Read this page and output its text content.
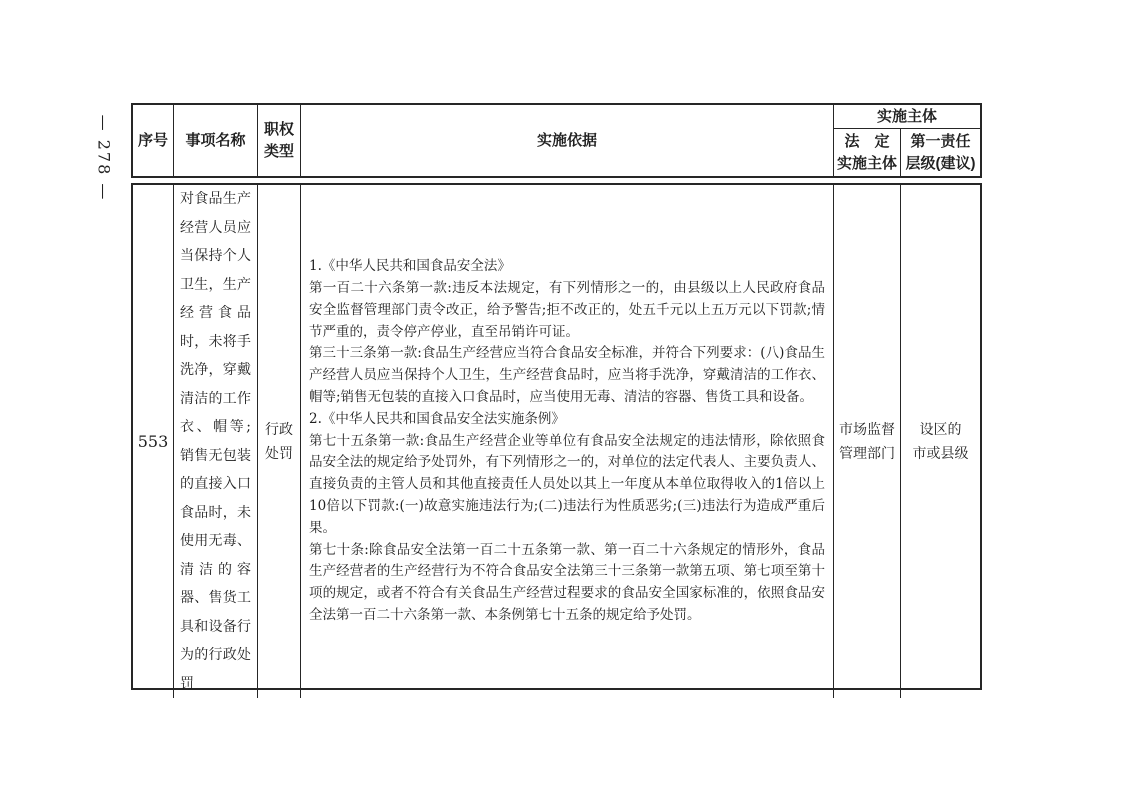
— 278 —	序号	事项名称
职权
类型
实施依据
实施主体
法　定
实施主体
第一责任
层级(建议)
553
对食品生产经营人员应当保持个人卫生，生产经营食品时，未将手洗净，穿戴清洁的工作衣、帽等;销售无包装的直接入口食品时，未使用无毒、清洁的容器、售货工具和设备行为的行政处罚
行政
处罚
1.《中华人民共和国食品安全法》
第一百二十六条第一款:违反本法规定，有下列情形之一的，由县级以上人民政府食品安全监督管理部门责令改正，给予警告;拒不改正的，处五千元以上五万元以下罚款;情节严重的，责令停产停业，直至吊销许可证。
第三十三条第一款:食品生产经营应当符合食品安全标准，并符合下列要求：(八)食品生产经营人员应当保持个人卫生，生产经营食品时，应当将手洗净，穿戴清洁的工作衣、帽等;销售无包装的直接入口食品时，应当使用无毒、清洁的容器、售货工具和设备。
2.《中华人民共和国食品安全法实施条例》
第七十五条第一款:食品生产经营企业等单位有食品安全法规定的违法情形，除依照食品安全法的规定给予处罚外，有下列情形之一的，对单位的法定代表人、主要负责人、直接负责的主管人员和其他直接责任人员处以其上一年度从本单位取得收入的1倍以上10倍以下罚款:(一)故意实施违法行为;(二)违法行为性质恶劣;(三)违法行为造成严重后果。
第七十条:除食品安全法第一百二十五条第一款、第一百二十六条规定的情形外，食品生产经营者的生产经营行为不符合食品安全法第三十三条第一款第五项、第七项至第十项的规定，或者不符合有关食品生产经营过程要求的食品安全国家标准的，依照食品安全法第一百二十六条第一款、本条例第七十五条的规定给予处罚。
市场监督
管理部门
设区的
市或县级
